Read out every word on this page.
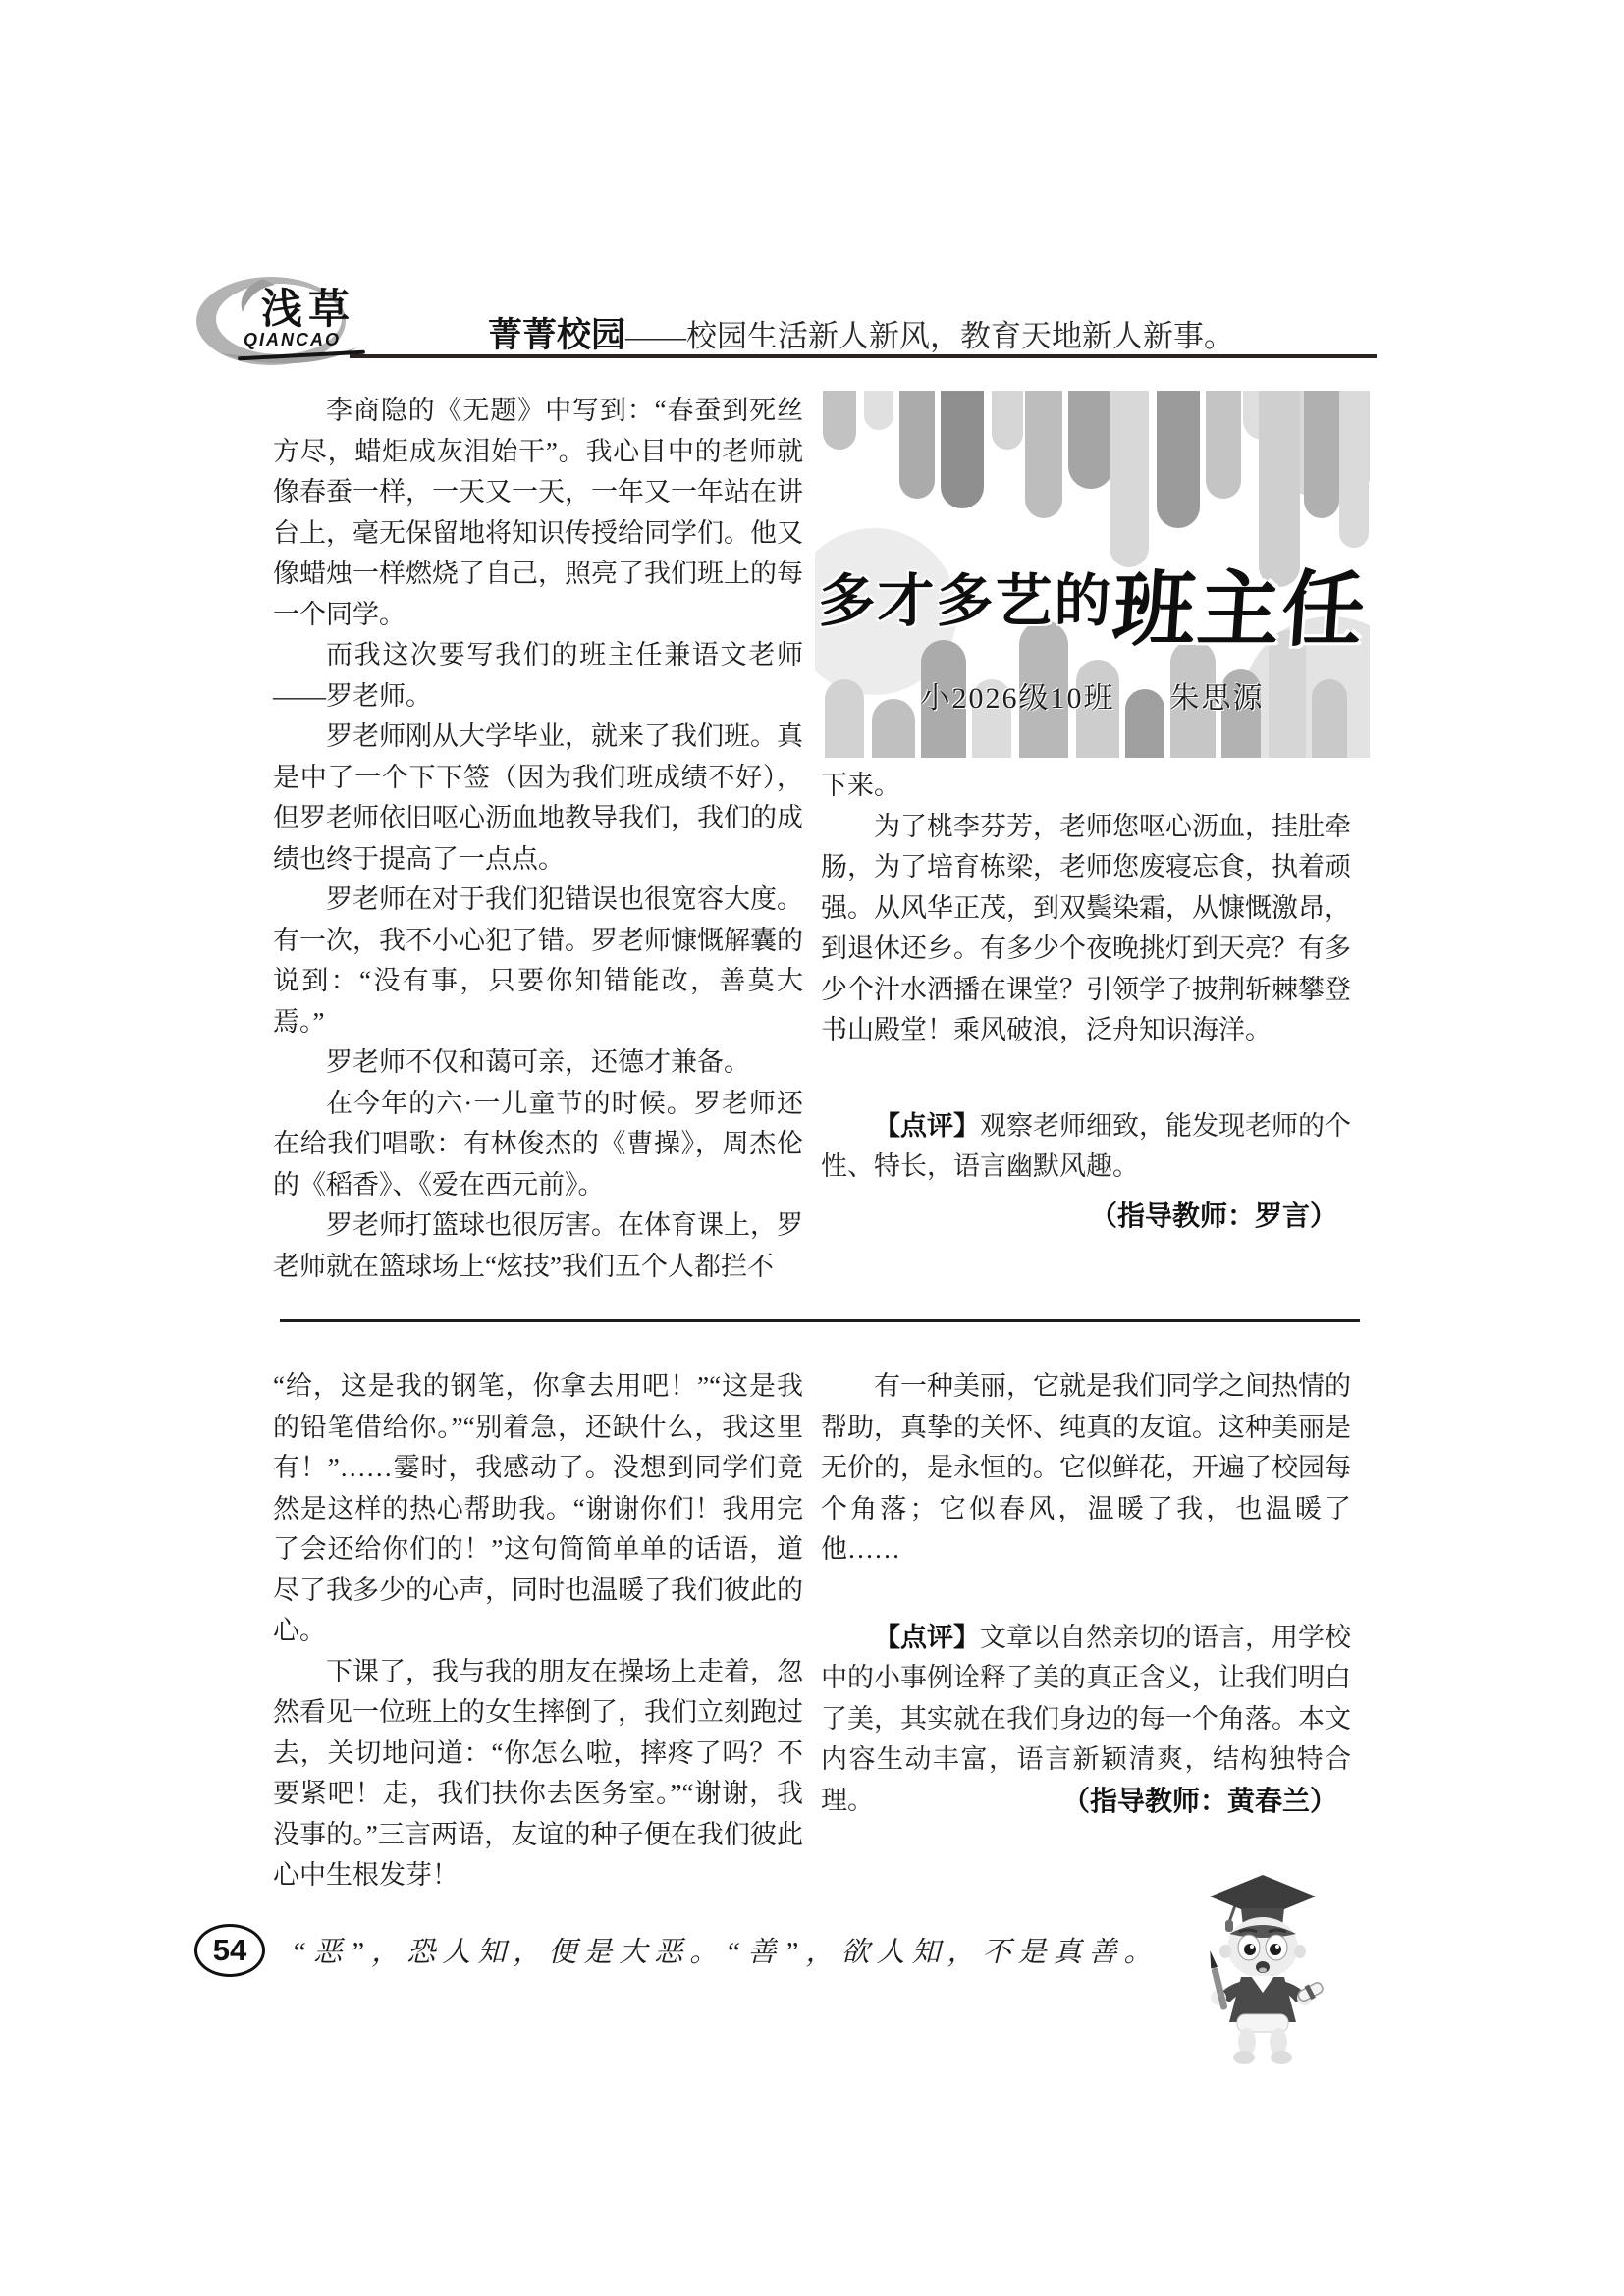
浅草
QIANCAO	菁菁校园——校园生活新人新风，教育天地新人新事。

李商隐的《无题》中写到：“春蚕到死丝方尽，蜡炬成灰泪始干”。我心目中的老师就像春蚕一样，一天又一天，一年又一年站在讲台上，毫无保留地将知识传授给同学们。他又像蜡烛一样燃烧了自己，照亮了我们班上的每一个同学。

而我这次要写我们的班主任兼语文老师——罗老师。

罗老师刚从大学毕业，就来了我们班。真是中了一个下下签（因为我们班成绩不好），但罗老师依旧呕心沥血地教导我们，我们的成绩也终于提高了一点点。

罗老师在对于我们犯错误也很宽容大度。有一次，我不小心犯了错。罗老师慷慨解囊的说到：“没有事，只要你知错能改，善莫大焉。”

罗老师不仅和蔼可亲，还德才兼备。

在今年的六·一儿童节的时候。罗老师还在给我们唱歌：有林俊杰的《曹操》，周杰伦的《稻香》、《爱在西元前》。

罗老师打篮球也很厉害。在体育课上，罗老师就在篮球场上“炫技”我们五个人都拦不

多才多艺的班主任
小2026级10班 朱思源

下来。

为了桃李芬芳，老师您呕心沥血，挂肚牵肠，为了培育栋梁，老师您废寝忘食，执着顽强。从风华正茂，到双鬓染霜，从慷慨激昂，到退休还乡。有多少个夜晚挑灯到天亮？有多少个汁水洒播在课堂？引领学子披荆斩棘攀登书山殿堂！乘风破浪，泛舟知识海洋。

【点评】观察老师细致，能发现老师的个性、特长，语言幽默风趣。

（指导教师：罗言）

“给，这是我的钢笔，你拿去用吧！”“这是我的铅笔借给你。”“别着急，还缺什么，我这里有！”……霎时，我感动了。没想到同学们竟然是这样的热心帮助我。“谢谢你们！我用完了会还给你们的！”这句简简单单的话语，道尽了我多少的心声，同时也温暖了我们彼此的心。

下课了，我与我的朋友在操场上走着，忽然看见一位班上的女生摔倒了，我们立刻跑过去，关切地问道：“你怎么啦，摔疼了吗？不要紧吧！走，我们扶你去医务室。”“谢谢，我没事的。”三言两语，友谊的种子便在我们彼此心中生根发芽！

有一种美丽，它就是我们同学之间热情的帮助，真挚的关怀、纯真的友谊。这种美丽是无价的，是永恒的。它似鲜花，开遍了校园每个角落；它似春风，温暖了我，也温暖了他……

【点评】文章以自然亲切的语言，用学校中的小事例诠释了美的真正含义，让我们明白了美，其实就在我们身边的每一个角落。本文内容生动丰富，语言新颖清爽，结构独特合理。	（指导教师：黄春兰）
54 “恶”，恐人知，便是大恶。“善”，欲人知，不是真善。
